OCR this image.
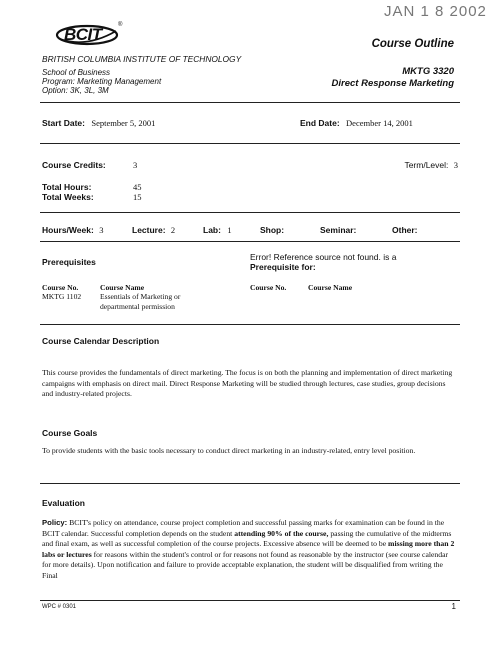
JAN 1 8 2002
BCIT	®
BRITISH COLUMBIA INSTITUTE OF TECHNOLOGY
School of Business
Program: Marketing Management
Option: 3K, 3L, 3M
Course Outline
MKTG 3320
Direct Response Marketing
Start Date: September 5, 2001	End Date: December 14, 2001
Course Credits:	3	Term/Level: 3
Total Hours:	45
Total Weeks:	15
Hours/Week: 3	Lecture: 2	Lab: 1	Shop:	Seminar:	Other:
Prerequisites	Error! Reference source not found. is a
Prerequisite for:
Course No.	Course Name
MKTG 1102 Essentials of Marketing or
departmental permission
Course No.	Course Name
Course Calendar Description

This course provides the fundamentals of direct marketing. The focus is on both the planning and implementation of direct marketing campaigns with emphasis on direct mail. Direct Response Marketing will be studied through lectures, case studies, group decisions and industry-related projects.

Course Goals

To provide students with the basic tools necessary to conduct direct marketing in an industry-related, entry level position.

Evaluation

Policy: BCIT's policy on attendance, course project completion and successful passing marks for examination can be found in the BCIT calendar. Successful completion depends on the student attending 90% of the course, passing the cumulative of the midterms and final exam, as well as successful completion of the course projects. Excessive absence will be deemed to be missing more than 2 labs or lectures for reasons within the student's control or for reasons not found as reasonable by the instructor (see course calendar for more details). Upon notification and failure to provide acceptable explanation, the student will be disqualified from writing the Final

WPC # 0301	1
